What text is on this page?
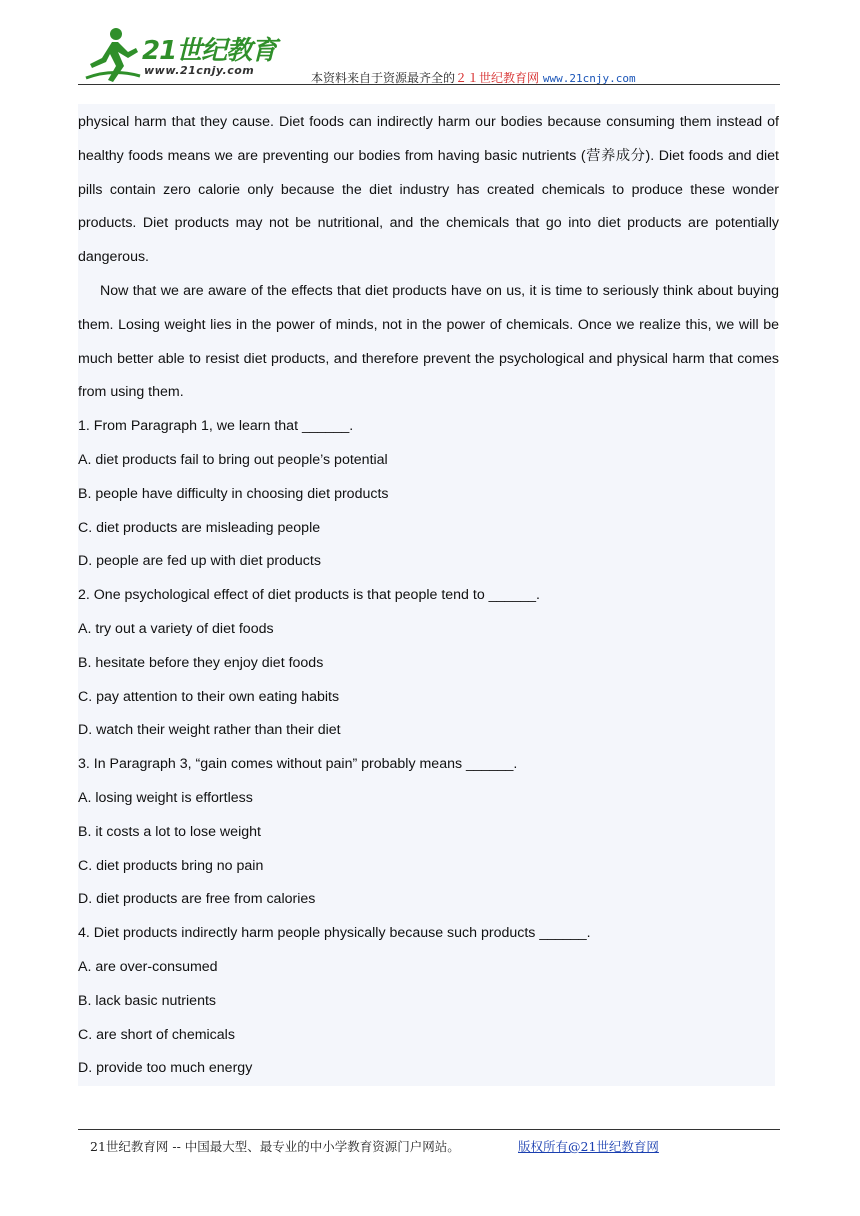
21世纪教育
www.21cnjy.com
本资料来自于资源最齐全的２１世纪教育网 www.21cnjy.com

physical harm that they cause. Diet foods can indirectly harm our bodies because consuming them instead of healthy foods means we are preventing our bodies from having basic nutrients (营养成分). Diet foods and diet pills contain zero calorie only because the diet industry has created chemicals to produce these wonder products. Diet products may not be nutritional, and the chemicals that go into diet products are potentially dangerous.

Now that we are aware of the effects that diet products have on us, it is time to seriously think about buying them. Losing weight lies in the power of minds, not in the power of chemicals. Once we realize this, we will be much better able to resist diet products, and therefore prevent the psychological and physical harm that comes from using them.

1. From Paragraph 1, we learn that ______.

A. diet products fail to bring out people’s potential

B. people have difficulty in choosing diet products

C. diet products are misleading people

D. people are fed up with diet products

2. One psychological effect of diet products is that people tend to ______.

A. try out a variety of diet foods

B. hesitate before they enjoy diet foods

C. pay attention to their own eating habits

D. watch their weight rather than their diet

3. In Paragraph 3, “gain comes without pain” probably means ______.

A. losing weight is effortless

B. it costs a lot to lose weight

C. diet products bring no pain

D. diet products are free from calories

4. Diet products indirectly harm people physically because such products ______.

A. are over-consumed

B. lack basic nutrients

C. are short of chemicals

D. provide too much energy

21世纪教育网 -- 中国最大型、最专业的中小学教育资源门户网站。	版权所有@21世纪教育网
